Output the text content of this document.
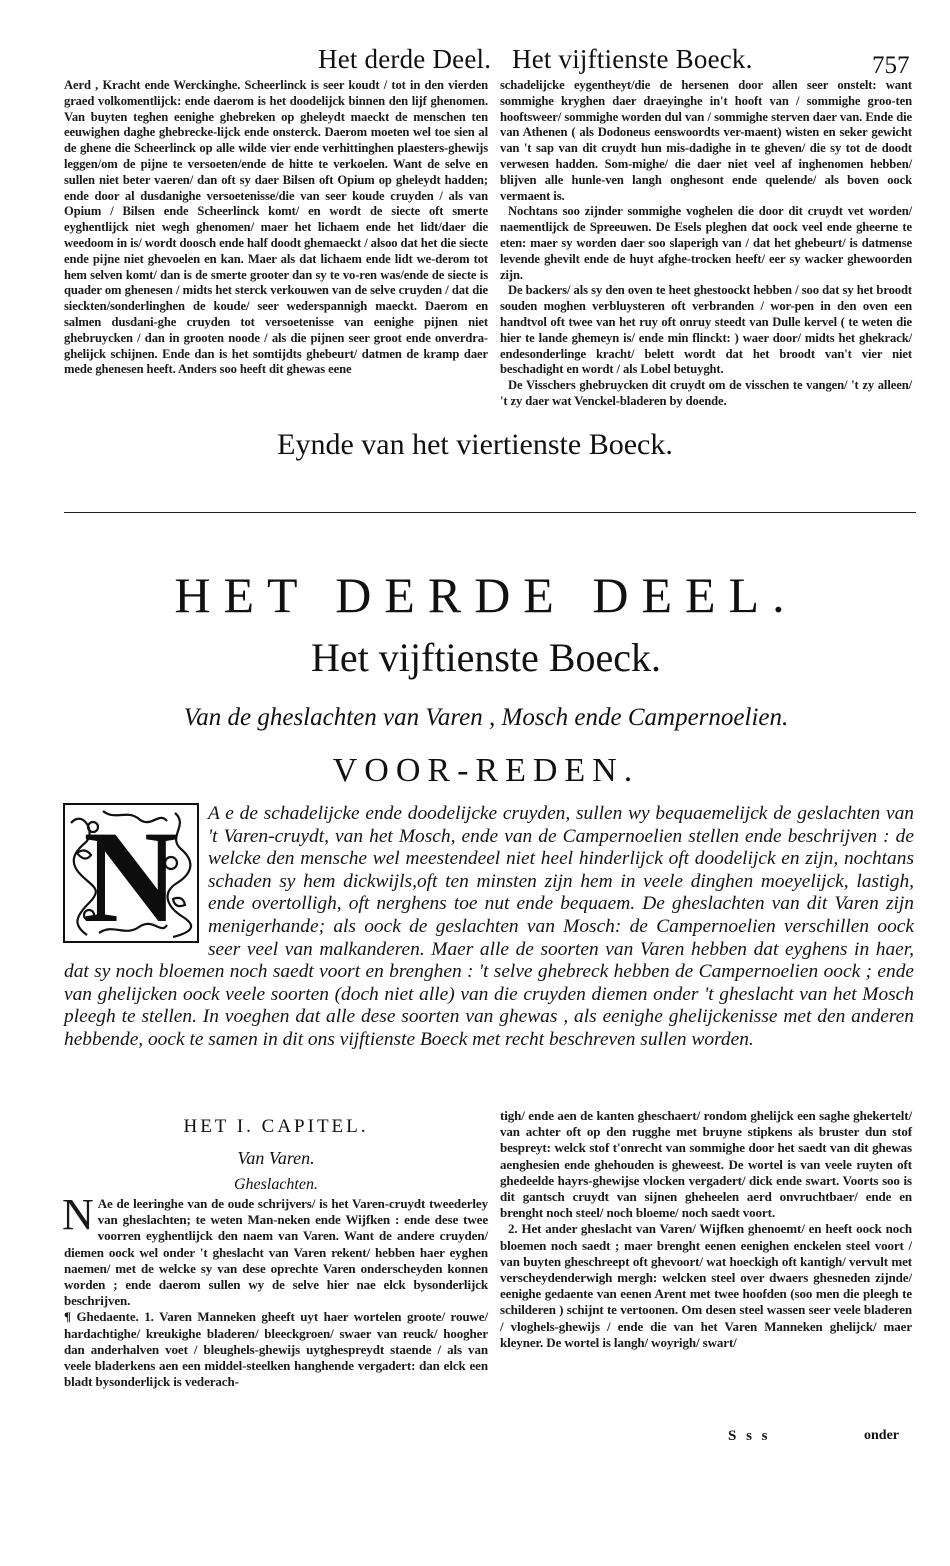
Het derde Deel. Het vijftienste Boeck.	757

Aerd , Kracht ende Werckinghe. Scheerlinck is seer koudt / tot in den vierden graed volkomentlijck: ende daerom is het doodelijck binnen den lijf ghenomen. Van buyten teghen eenighe ghebreken op gheleydt maeckt de menschen ten eeuwighen daghe ghebrecke-lijck ende onsterck. Daerom moeten wel toe sien al de ghene die Scheerlinck op alle wilde vier ende verhittinghen plaesters-ghewijs leggen/om de pijne te versoeten/ende de hitte te verkoelen. Want de selve en sullen niet beter vaeren/ dan oft sy daer Bilsen oft Opium op gheleydt hadden; ende door al dusdanighe versoetenisse/die van seer koude cruyden / als van Opium / Bilsen ende Scheerlinck komt/ en wordt de siecte oft smerte eyghentlijck niet wegh ghenomen/ maer het lichaem ende het lidt/daer die weedoom in is/ wordt doosch ende half doodt ghemaeckt / alsoo dat het die siecte ende pijne niet ghevoelen en kan. Maer als dat lichaem ende lidt we-derom tot hem selven komt/ dan is de smerte grooter dan sy te vo-ren was/ende de siecte is quader om ghenesen / midts het sterck verkouwen van de selve cruyden / dat die sieckten/sonderlinghen de koude/ seer wederspannigh maeckt. Daerom en salmen dusdani-ghe cruyden tot versoetenisse van eenighe pijnen niet ghebruycken / dan in grooten noode / als die pijnen seer groot ende onverdra-ghelijck schijnen. Ende dan is het somtijdts ghebeurt/ datmen de kramp daer mede ghenesen heeft. Anders soo heeft dit ghewas eene

schadelijcke eygentheyt/die de hersenen door allen seer onstelt: want sommighe kryghen daer draeyinghe in't hooft van / sommighe groo-ten hooftsweer/ sommighe worden dul van / sommighe sterven daer van. Ende die van Athenen ( als Dodoneus eenswoordts ver-maent) wisten en seker gewicht van 't sap van dit cruydt hun mis-dadighe in te gheven/ die sy tot de doodt verwesen hadden. Som-mighe/ die daer niet veel af inghenomen hebben/ blijven alle hunle-ven langh onghesont ende quelende/ als boven oock vermaent is.

Nochtans soo zijnder sommighe voghelen die door dit cruydt vet worden/ naementlijck de Spreeuwen. De Esels pleghen dat oock veel ende gheerne te eten: maer sy worden daer soo slaperigh van / dat het ghebeurt/ is datmense levende ghevilt ende de huyt afghe-trocken heeft/ eer sy wacker ghewoorden zijn.

De backers/ als sy den oven te heet ghestoockt hebben / soo dat sy het broodt souden moghen verbluysteren oft verbranden / wor-pen in den oven een handtvol oft twee van het ruy oft onruy steedt van Dulle kervel ( te weten die hier te lande ghemeyn is/ ende min flinckt: ) waer door/ midts het ghekrack/ endesonderlinge kracht/ belett wordt dat het broodt van't vier niet beschadight en wordt / als Lobel betuyght.

De Visschers ghebruycken dit cruydt om de visschen te vangen/ 't zy alleen/ 't zy daer wat Venckel-bladeren by doende.

Eynde van het viertienste Boeck.
HET DERDE DEEL.
Het vijftienste Boeck.
Van de gheslachten van Varen , Mosch ende Campernoelien.
VOOR-REDEN.

A e de schadelijcke ende doodelijcke cruyden, sullen wy bequaemelijck de geslachten van 't Varen-cruydt, van het Mosch, ende van de Campernoelien stellen ende beschrijven : de welcke den mensche wel meestendeel niet heel hinderlijck oft doodelijck en zijn, nochtans schaden sy hem dickwijls,oft ten minsten zijn hem in veele dinghen moeyelijck, lastigh, ende overtolligh, oft nerghens toe nut ende bequaem. De gheslachten van dit Varen zijn menigerhande; als oock de geslachten van Mosch: de Campernoelien verschillen oock seer veel van malkanderen. Maer alle de soorten van Varen hebben dat eyghens in haer, dat sy noch bloemen noch saedt voort en brenghen : 't selve ghebreck hebben de Campernoelien oock ; ende van ghelijcken oock veele soorten (doch niet alle) van die cruyden diemen onder 't gheslacht van het Mosch pleegh te stellen. In voeghen dat alle dese soorten van ghewas , als eenighe ghelijckenisse met den anderen hebbende, oock te samen in dit ons vijftienste Boeck met recht beschreven sullen worden.

N
HET I. CAPITEL.
Van Varen.
Gheslachten.

N Ae de leeringhe van de oude schrijvers/ is het Varen-cruydt tweederley van gheslachten; te weten Man-neken ende Wijfken : ende dese twee voorren eyghentlijck den naem van Varen. Want de andere cruyden/ diemen oock wel onder 't gheslacht van Varen rekent/ hebben haer eyghen naemen/ met de welcke sy van dese oprechte Varen onderscheyden konnen worden ; ende daerom sullen wy de selve hier nae elck bysonderlijck beschrijven.

¶ Ghedaente. 1. Varen Manneken gheeft uyt haer wortelen groote/ rouwe/ hardachtighe/ kreukighe bladeren/ bleeckgroen/ swaer van reuck/ hoogher dan anderhalven voet / bleughels-ghewijs uytghespreydt staende / als van veele bladerkens aen een middel-steelken hanghende vergadert: dan elck een bladt bysonderlijck is vederach-

tigh/ ende aen de kanten gheschaert/ rondom ghelijck een saghe ghekertelt/ van achter oft op den rugghe met bruyne stipkens als bruster dun stof bespreyt: welck stof t'onrecht van sommighe door het saedt van dit ghewas aenghesien ende ghehouden is gheweest. De wortel is van veele ruyten oft ghedeelde hayrs-ghewijse vlocken vergadert/ dick ende swart. Voorts soo is dit gantsch cruydt van sijnen gheheelen aerd onvruchtbaer/ ende en brenght noch steel/ noch bloeme/ noch saedt voort.

2. Het ander gheslacht van Varen/ Wijfken ghenoemt/ en heeft oock noch bloemen noch saedt ; maer brenght eenen eenighen enckelen steel voort / van buyten gheschreept oft ghevoort/ wat hoeckigh oft kantigh/ vervult met verscheydenderwigh mergh: welcken steel over dwaers ghesneden zijnde/ eenighe gedaente van eenen Arent met twee hoofden (soo men die pleegh te schilderen ) schijnt te vertoonen. Om desen steel wassen seer veele bladeren / vloghels-ghewijs / ende die van het Varen Manneken ghelijck/ maer kleyner. De wortel is langh/ woyrigh/ swart/

S s s	onder
